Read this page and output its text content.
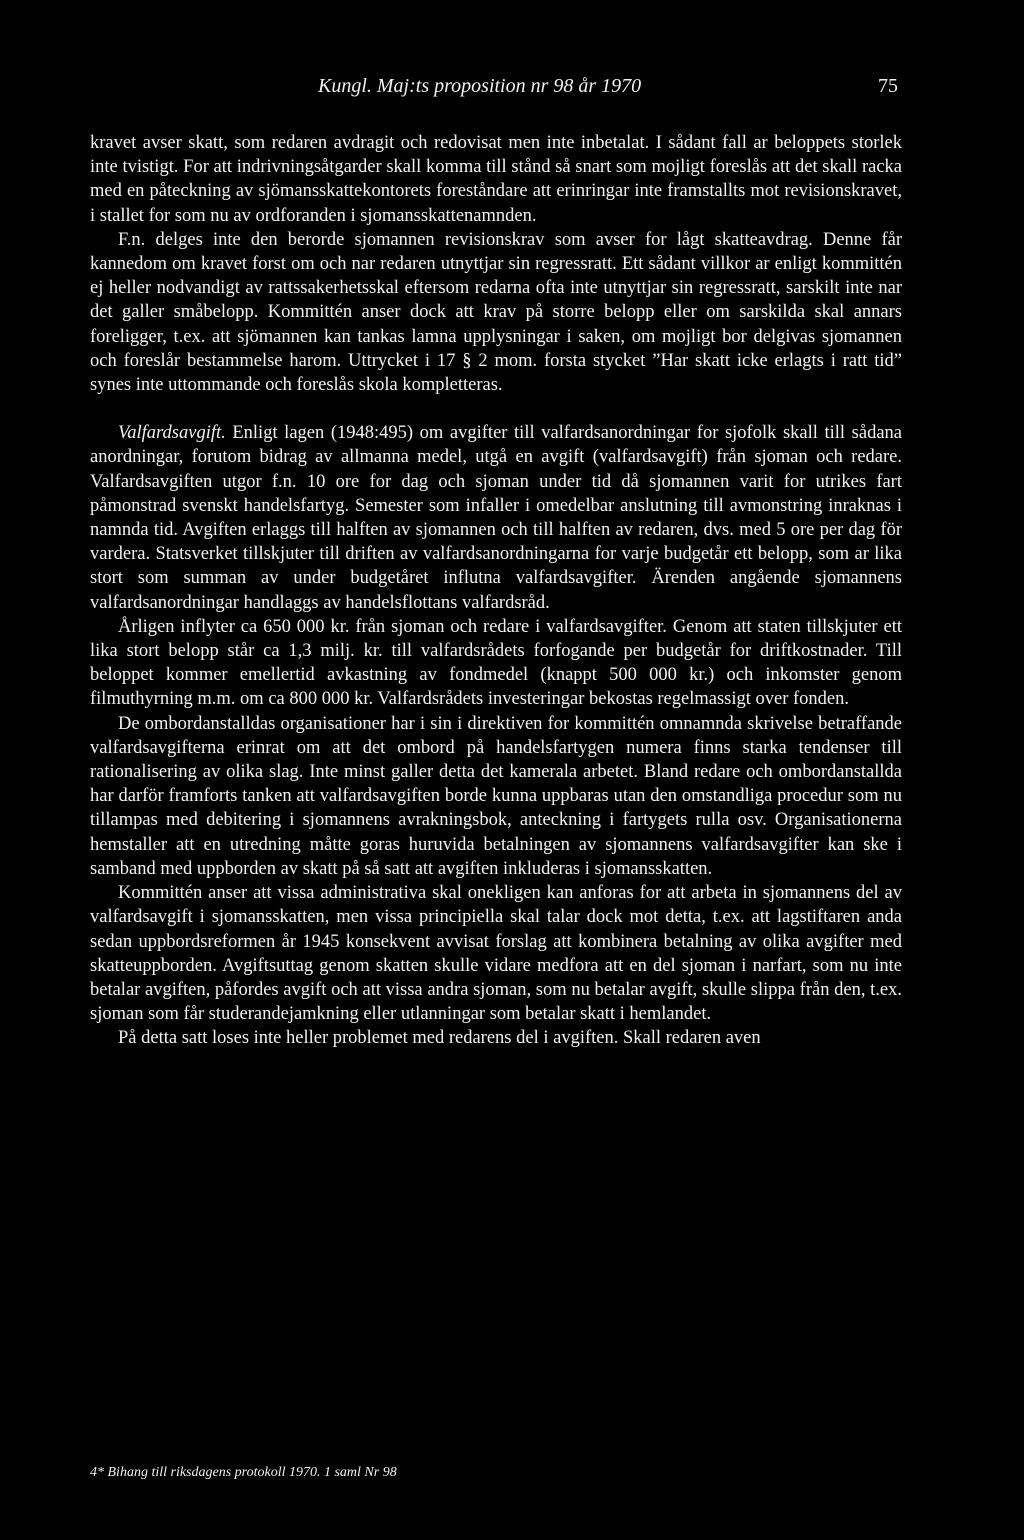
Kungl. Maj:ts proposition nr 98 år 1970	75

kravet avser skatt, som redaren avdragit och redovisat men inte inbetalat. I sådant fall ar beloppets storlek inte tvistigt. For att indrivningsåtgarder skall komma till stånd så snart som mojligt foreslås att det skall racka med en påteckning av sjömansskattekontorets foreståndare att erinringar inte framstallts mot revisionskravet, i stallet for som nu av ordforanden i sjomansskattenamnden.

F.n. delges inte den berorde sjomannen revisionskrav som avser for lågt skatteavdrag. Denne får kannedom om kravet forst om och nar redaren utnyttjar sin regressratt. Ett sådant villkor ar enligt kommittén ej heller nodvandigt av rattssakerhetsskal eftersom redarna ofta inte utnyttjar sin regressratt, sarskilt inte nar det galler småbelopp. Kommittén anser dock att krav på storre belopp eller om sarskilda skal annars foreligger, t.ex. att sjömannen kan tankas lamna upplysningar i saken, om mojligt bor delgivas sjomannen och foreslår bestammelse harom. Uttrycket i 17 § 2 mom. forsta stycket ”Har skatt icke erlagts i ratt tid” synes inte uttommande och foreslås skola kompletteras.

Valfardsavgift. Enligt lagen (1948:495) om avgifter till valfardsanordningar for sjofolk skall till sådana anordningar, forutom bidrag av allmanna medel, utgå en avgift (valfardsavgift) från sjoman och redare. Valfardsavgiften utgor f.n. 10 ore for dag och sjoman under tid då sjomannen varit for utrikes fart påmonstrad svenskt handelsfartyg. Semester som infaller i omedelbar anslutning till avmonstring inraknas i namnda tid. Avgiften erlaggs till halften av sjomannen och till halften av redaren, dvs. med 5 ore per dag för vardera. Statsverket tillskjuter till driften av valfardsanordningarna for varje budgetår ett belopp, som ar lika stort som summan av under budgetåret influtna valfardsavgifter. Ärenden angående sjomannens valfardsanordningar handlaggs av handelsflottans valfardsråd.

Årligen inflyter ca 650 000 kr. från sjoman och redare i valfardsavgifter. Genom att staten tillskjuter ett lika stort belopp står ca 1,3 milj. kr. till valfardsrådets forfogande per budgetår for driftkostnader. Till beloppet kommer emellertid avkastning av fondmedel (knappt 500 000 kr.) och inkomster genom filmuthyrning m.m. om ca 800 000 kr. Valfardsrådets investeringar bekostas regelmassigt over fonden.

De ombordanstalldas organisationer har i sin i direktiven for kommittén omnamnda skrivelse betraffande valfardsavgifterna erinrat om att det ombord på handelsfartygen numera finns starka tendenser till rationalisering av olika slag. Inte minst galler detta det kamerala arbetet. Bland redare och ombordanstallda har darför framforts tanken att valfardsavgiften borde kunna uppbaras utan den omstandliga procedur som nu tillampas med debitering i sjomannens avrakningsbok, anteckning i fartygets rulla osv. Organisationerna hemstaller att en utredning måtte goras huruvida betalningen av sjomannens valfardsavgifter kan ske i samband med uppborden av skatt på så satt att avgiften inkluderas i sjomansskatten.

Kommittén anser att vissa administrativa skal onekligen kan anforas for att arbeta in sjomannens del av valfardsavgift i sjomansskatten, men vissa principiella skal talar dock mot detta, t.ex. att lagstiftaren anda sedan uppbordsreformen år 1945 konsekvent avvisat forslag att kombinera betalning av olika avgifter med skatteuppborden. Avgiftsuttag genom skatten skulle vidare medfora att en del sjoman i narfart, som nu inte betalar avgiften, påfordes avgift och att vissa andra sjoman, som nu betalar avgift, skulle slippa från den, t.ex. sjoman som får studerandejamkning eller utlanningar som betalar skatt i hemlandet.

På detta satt loses inte heller problemet med redarens del i avgiften. Skall redaren aven

4* Bihang till riksdagens protokoll 1970. 1 saml Nr 98
